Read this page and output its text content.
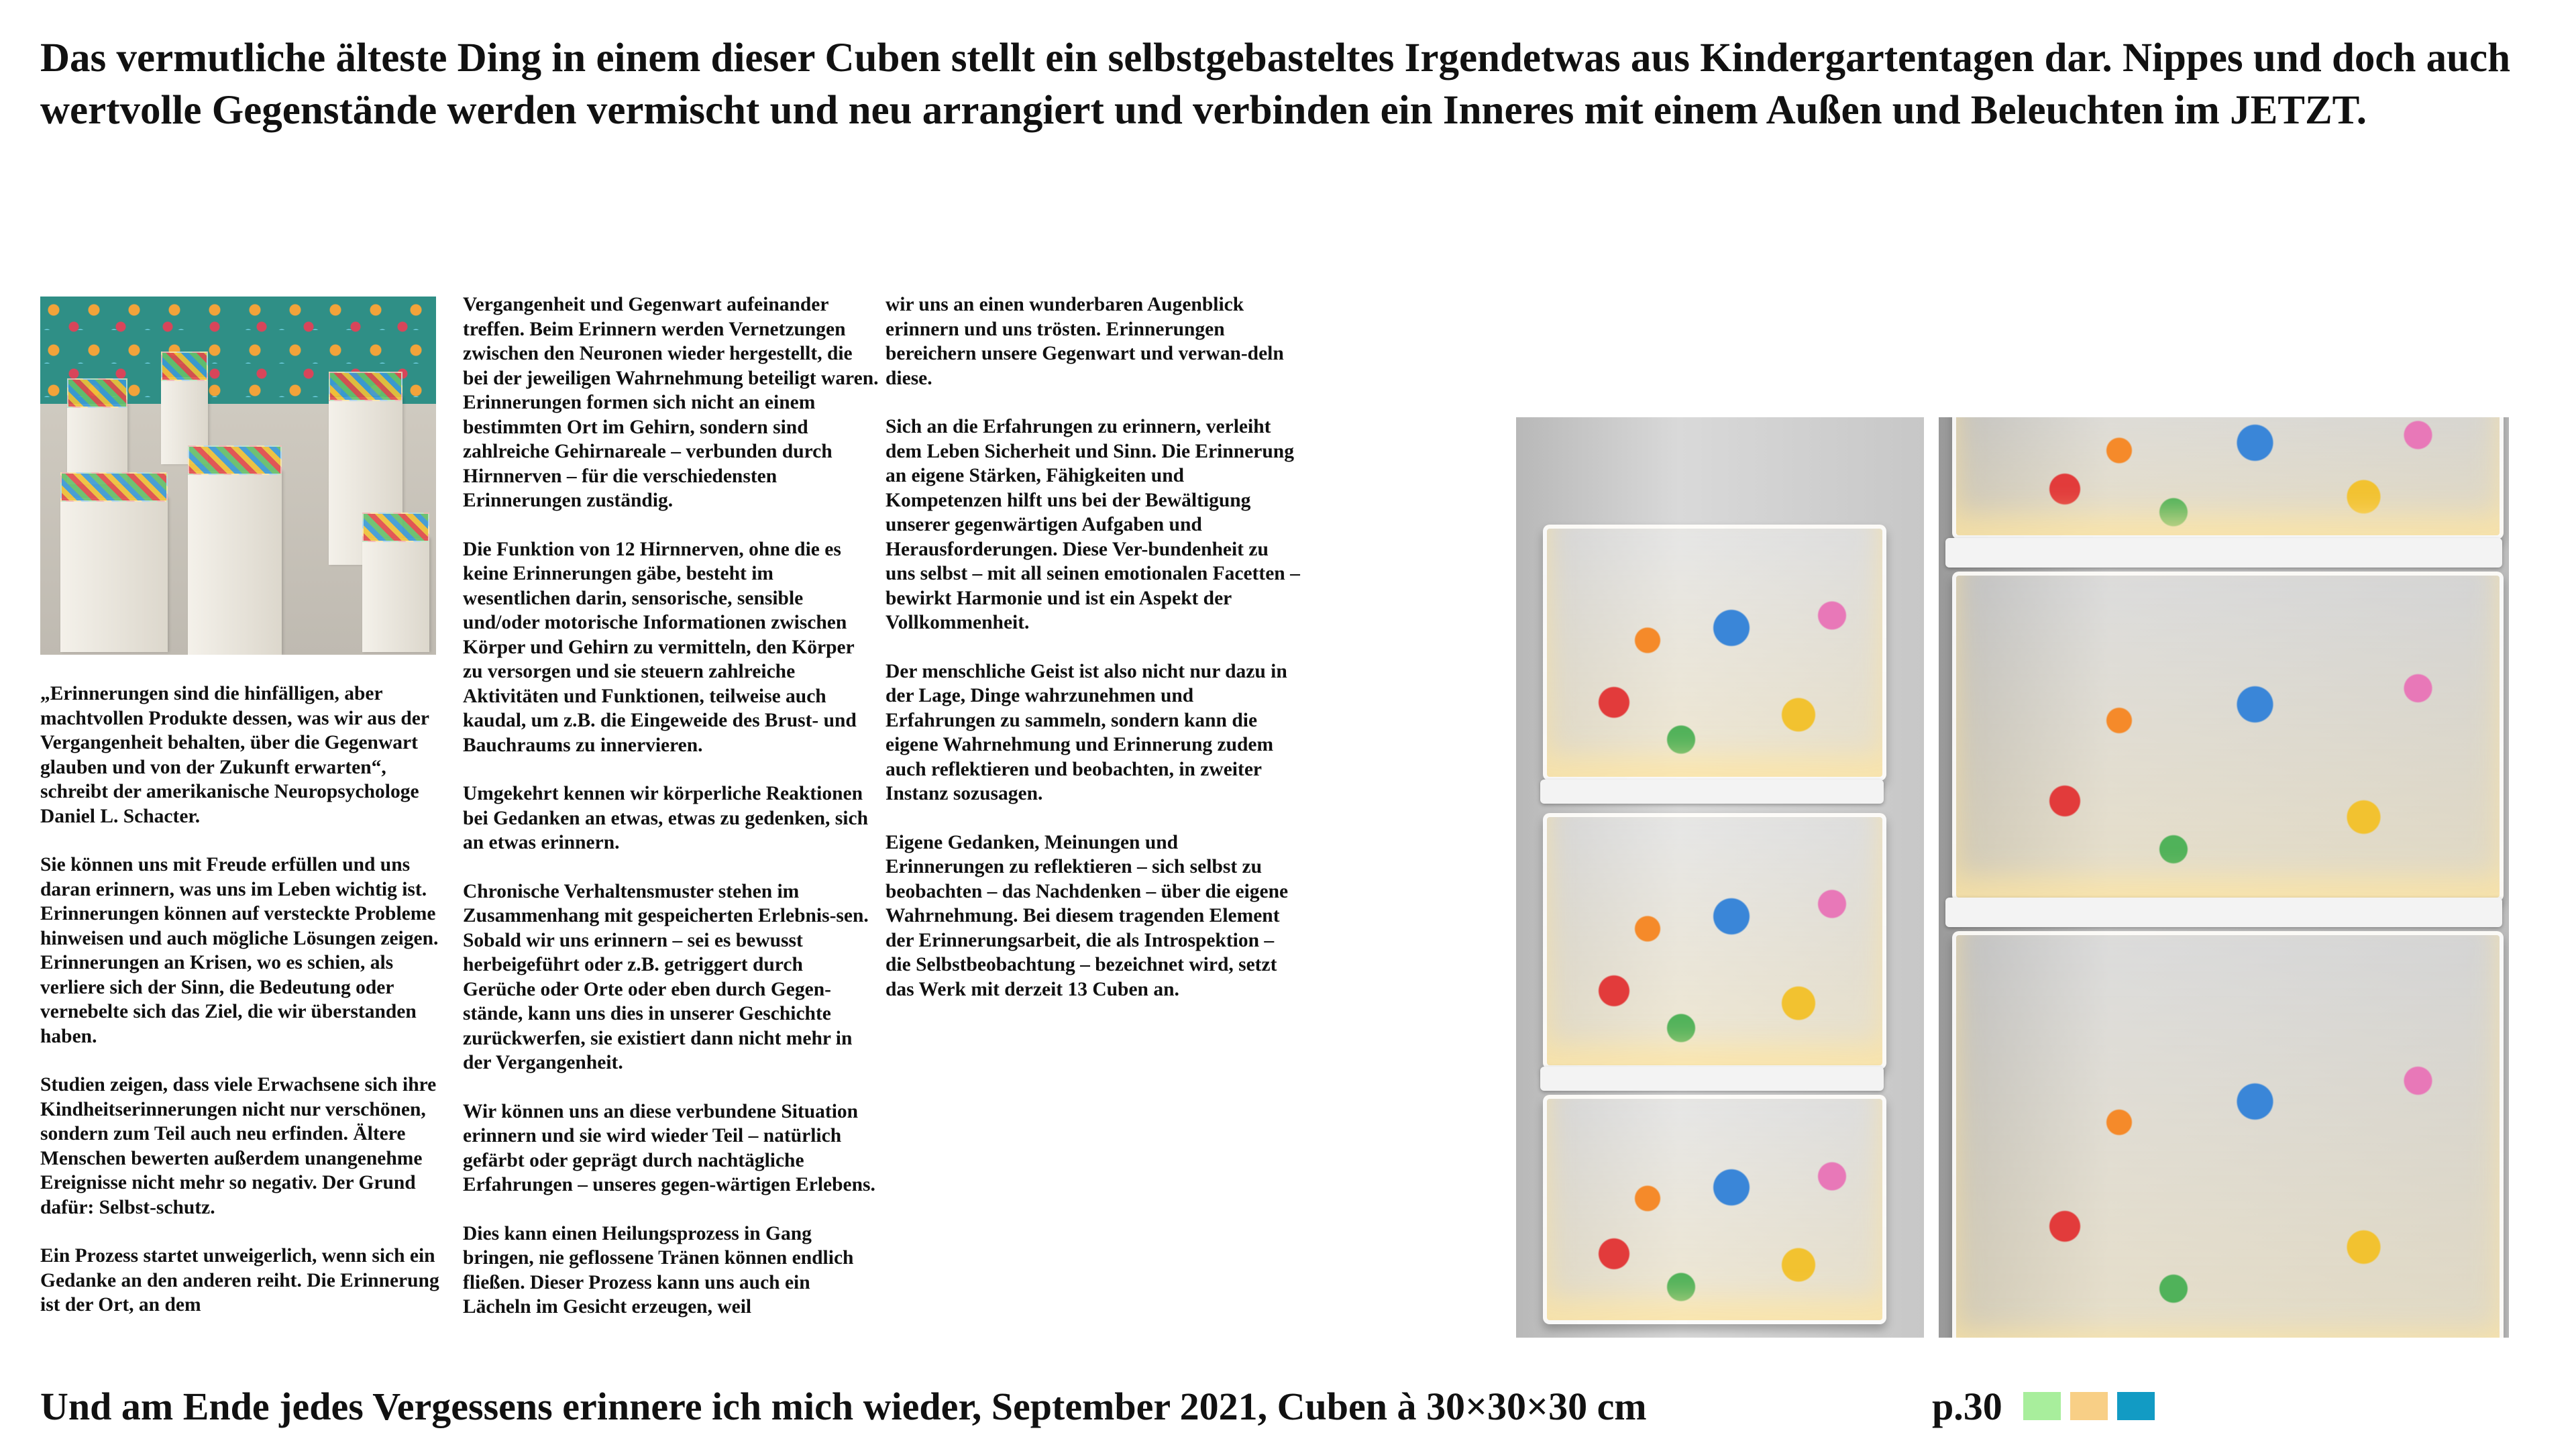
Das vermutliche älteste Ding in einem dieser Cuben stellt ein selbstgebasteltes Irgendetwas aus Kindergartentagen dar. Nippes und doch auch wertvolle Gegenstände werden vermischt und neu arrangiert und verbinden ein Inneres mit einem Außen und Beleuchten im JETZT.

„Erinnerungen sind die hinfälligen, aber machtvollen Produkte dessen, was wir aus der Vergangenheit behalten, über die Gegenwart glauben und von der Zukunft erwarten“, schreibt der amerikanische Neuropsychologe Daniel L. Schacter.

Sie können uns mit Freude erfüllen und uns daran erinnern, was uns im Leben wichtig ist. Erinnerungen können auf versteckte Probleme hinweisen und auch mögliche Lösungen zeigen. Erinnerungen an Krisen, wo es schien, als verliere sich der Sinn, die Bedeutung oder vernebelte sich das Ziel, die wir überstanden haben.

Studien zeigen, dass viele Erwachsene sich ihre Kindheitserinnerungen nicht nur verschönen, sondern zum Teil auch neu erfinden. Ältere Menschen bewerten außerdem unangenehme Ereignisse nicht mehr so negativ. Der Grund dafür: Selbst-schutz.

Ein Prozess startet unweigerlich, wenn sich ein Gedanke an den anderen reiht. Die Erinnerung ist der Ort, an dem

Vergangenheit und Gegenwart aufeinander treffen. Beim Erinnern werden Vernetzungen zwischen den Neuronen wieder hergestellt, die bei der jeweiligen Wahrnehmung beteiligt waren. Erinnerungen formen sich nicht an einem bestimmten Ort im Gehirn, sondern sind zahlreiche Gehirnareale – verbunden durch Hirnnerven – für die verschiedensten Erinnerungen zuständig.

Die Funktion von 12 Hirnnerven, ohne die es keine Erinnerungen gäbe, besteht im wesentlichen darin, sensorische, sensible und/oder motorische Informationen zwischen Körper und Gehirn zu vermitteln, den Körper zu versorgen und sie steuern zahlreiche Aktivitäten und Funktionen, teilweise auch kaudal, um z.B. die Eingeweide des Brust- und Bauchraums zu innervieren.

Umgekehrt kennen wir körperliche Reaktionen bei Gedanken an etwas, etwas zu gedenken, sich an etwas erinnern.

Chronische Verhaltensmuster stehen im Zusammenhang mit gespeicherten Erlebnis-sen. Sobald wir uns erinnern – sei es bewusst herbeigeführt oder z.B. getriggert durch Gerüche oder Orte oder eben durch Gegen-stände, kann uns dies in unserer Geschichte zurückwerfen, sie existiert dann nicht mehr in der Vergangenheit.

Wir können uns an diese verbundene Situation erinnern und sie wird wieder Teil – natürlich gefärbt oder geprägt durch nachtägliche Erfahrungen – unseres gegen-wärtigen Erlebens.

Dies kann einen Heilungsprozess in Gang bringen, nie geflossene Tränen können endlich fließen. Dieser Prozess kann uns auch ein Lächeln im Gesicht erzeugen, weil

wir uns an einen wunderbaren Augenblick erinnern und uns trösten. Erinnerungen bereichern unsere Gegenwart und verwan-deln diese.

Sich an die Erfahrungen zu erinnern, verleiht dem Leben Sicherheit und Sinn. Die Erinnerung an eigene Stärken, Fähigkeiten und Kompetenzen hilft uns bei der Bewältigung unserer gegenwärtigen Aufgaben und Herausforderungen. Diese Ver-bundenheit zu uns selbst – mit all seinen emotionalen Facetten – bewirkt Harmonie und ist ein Aspekt der Vollkommenheit.

Der menschliche Geist ist also nicht nur dazu in der Lage, Dinge wahrzunehmen und Erfahrungen zu sammeln, sondern kann die eigene Wahrnehmung und Erinnerung zudem auch reflektieren und beobachten, in zweiter Instanz sozusagen.

Eigene Gedanken, Meinungen und Erinnerungen zu reflektieren – sich selbst zu beobachten – das Nachdenken – über die eigene Wahrnehmung. Bei diesem tragenden Element der Erinnerungsarbeit, die als Introspektion – die Selbstbeobachtung – bezeichnet wird, setzt das Werk mit derzeit 13 Cuben an.

Und am Ende jedes Vergessens erinnere ich mich wieder, September 2021, Cuben à 30×30×30 cm	p.30
